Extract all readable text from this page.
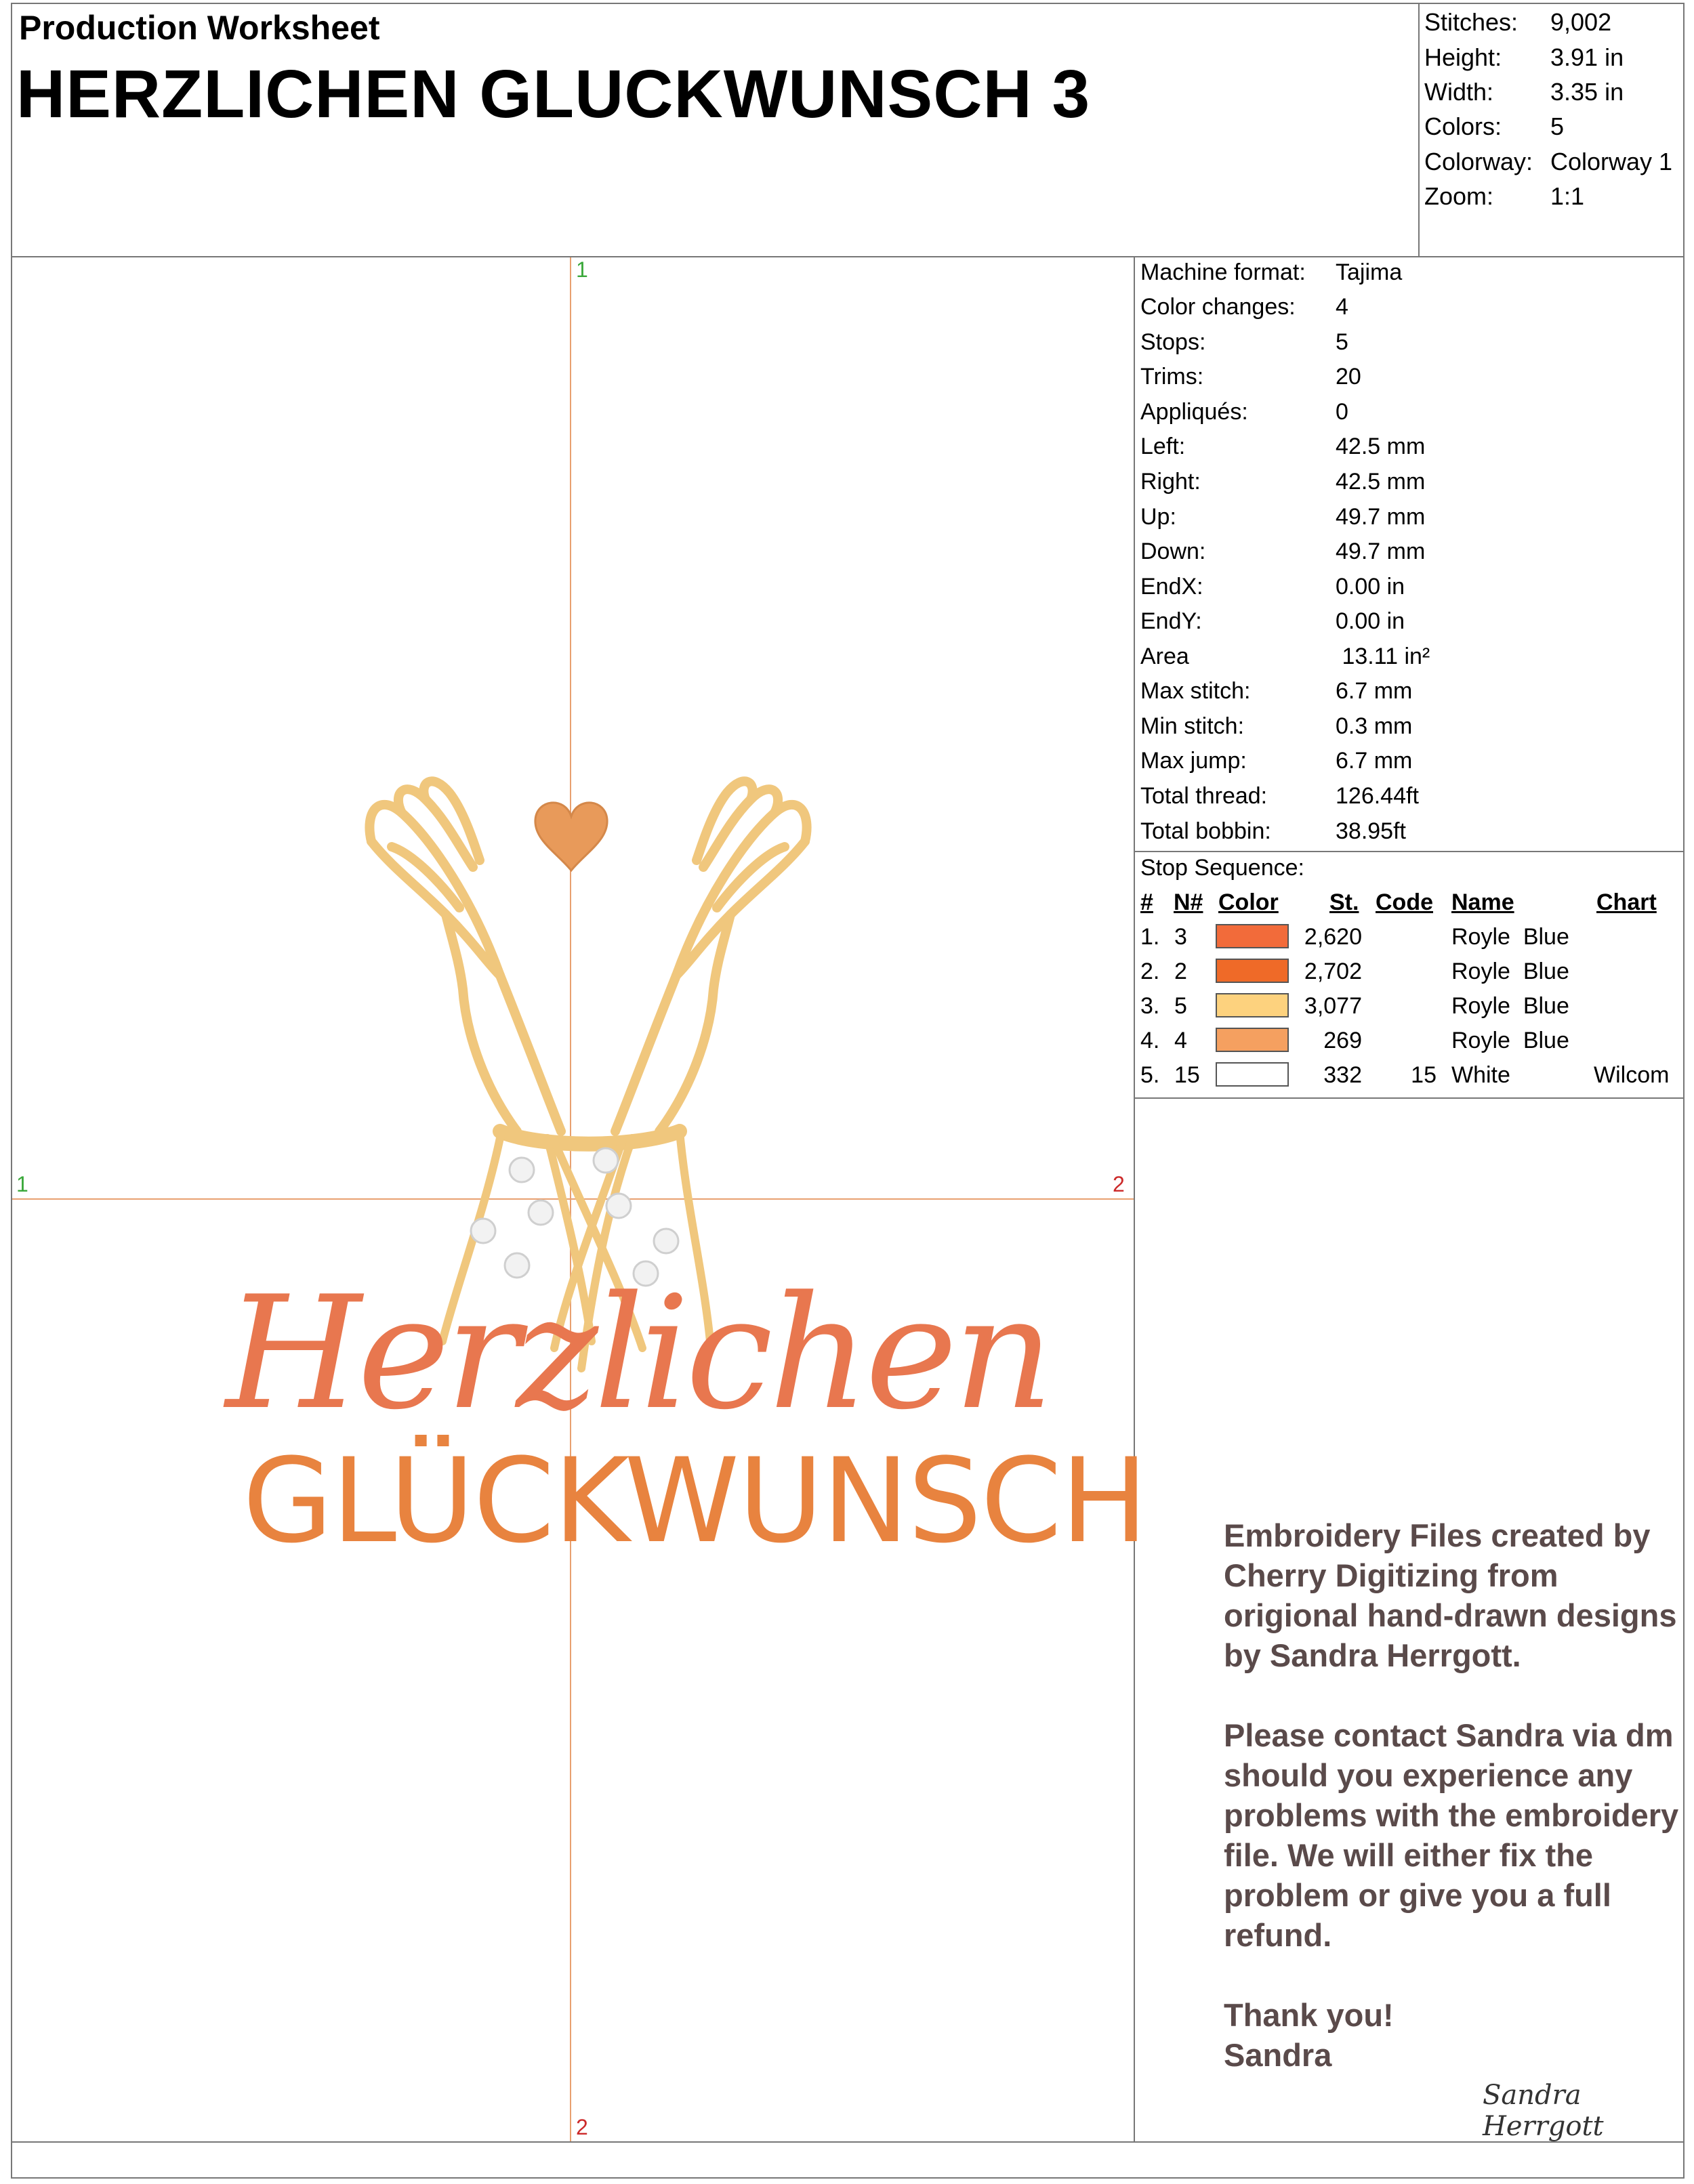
Production Worksheet
HERZLICHEN GLUCKWUNSCH 3
Stitches: 9,002
Height: 3.91 in
Width: 3.35 in
Colors: 5
Colorway: Colorway 1
Zoom: 1:1
Machine format: Tajima
Color changes: 4
Stops:	5
Trims:	20
Appliqués:	0
Left:	42.5 mm
Right:	42.5 mm
Up:	49.7 mm
Down:	49.7 mm
EndX:	0.00 in
EndY:	0.00 in
Area	13.11 in²
Max stitch:	6.7 mm
Min stitch:	0.3 mm
Max jump:	6.7 mm
Total thread:	126.44ft
Total bobbin:	38.95ft
Stop Sequence:
# N# Color St. Code Name	Chart
1. 3	2,620	Royle  Blue
2. 2	2,702	Royle  Blue
3. 5	3,077	Royle  Blue
4. 4	269	Royle  Blue
5. 15	332	15 White	Wilcom
1
1	2
2
Herzlichen
GLÜCKWUNSCH Embroidery Files created by Cherry Digitizing from origional hand-drawn designs by Sandra Herrgott.

Please contact Sandra via dm should you experience any problems with the embroidery file. We will either fix the problem or give you a full refund.

Thank you!

Sandra

Sandra Herrgott
